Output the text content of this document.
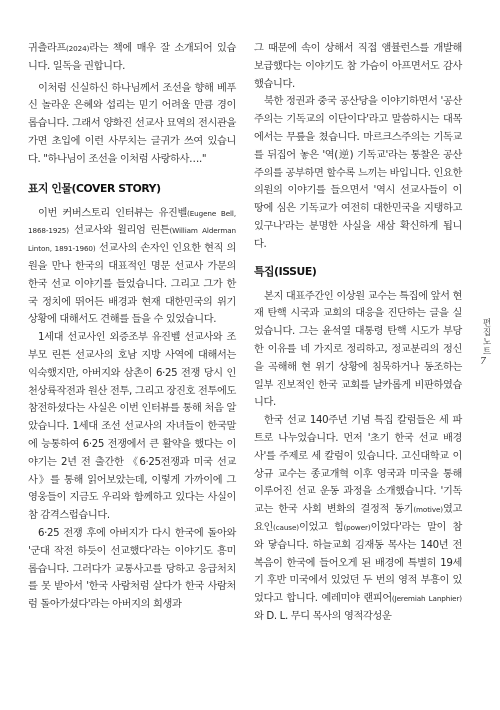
귀츨라프(2024)라는 책에 매우 잘 소개되어 있습니다. 일독을 권합니다.

이처럼 신실하신 하나님께서 조선을 향해 베푸신 놀라운 은혜와 섭리는 믿기 어려울 만큼 경이롭습니다. 그래서 양화진 선교사 묘역의 전시관을 가면 초입에 이런 사무치는 글귀가 쓰여 있습니다. "하나님이 조선을 이처럼 사랑하사…."

표지 인물(COVER STORY)

이번 커버스토리 인터뷰는 유진벨(Eugene Bell, 1868-1925) 선교사와 윌리엄 린튼(William Alderman Linton, 1891-1960) 선교사의 손자인 인요한 현직 의원을 만나 한국의 대표적인 명문 선교사 가문의 한국 선교 이야기를 들었습니다. 그리고 그가 한국 정치에 뛰어든 배경과 현재 대한민국의 위기 상황에 대해서도 견해를 들을 수 있었습니다.

1세대 선교사인 외증조부 유진벨 선교사와 조부모 린튼 선교사의 호남 지방 사역에 대해서는 익숙했지만, 아버지와 삼촌이 6·25 전쟁 당시 인천상륙작전과 원산 전투, 그리고 장진호 전투에도 참전하셨다는 사실은 이번 인터뷰를 통해 처음 알았습니다. 1세대 조선 선교사의 자녀들이 한국말에 능통하여 6·25 전쟁에서 큰 활약을 했다는 이야기는 2년 전 출간한 《6·25전쟁과 미국 선교사》를 통해 읽어보았는데, 이렇게 가까이에 그 영웅들이 지금도 우리와 함께하고 있다는 사실이 참 감격스럽습니다.

6·25 전쟁 후에 아버지가 다시 한국에 돌아와 '군대 작전 하듯이 선교했다'라는 이야기도 흥미롭습니다. 그러다가 교통사고를 당하고 응급처치를 못 받아서 '한국 사람처럼 살다가 한국 사람처럼 돌아가셨다'라는 아버지의 희생과

그 때문에 속이 상해서 직접 앰뷸런스를 개발해 보급했다는 이야기도 참 가슴이 아프면서도 감사했습니다.

북한 정권과 중국 공산당을 이야기하면서 '공산주의는 기독교의 이단이다'라고 말씀하시는 대목에서는 무릎을 쳤습니다. 마르크스주의는 기독교를 뒤집어 놓은 '역(逆) 기독교'라는 통찰은 공산주의를 공부하면 할수록 느끼는 바입니다. 인요한 의원의 이야기를 들으면서 '역시 선교사들이 이 땅에 심은 기독교가 여전히 대한민국을 지탱하고 있구나'라는 분명한 사실을 새삼 확신하게 됩니다.

특집(ISSUE)

본지 대표주간인 이상원 교수는 특집에 앞서 현재 탄핵 시국과 교회의 대응을 진단하는 글을 실었습니다. 그는 윤석열 대통령 탄핵 시도가 부당한 이유를 네 가지로 정리하고, 정교분리의 정신을 곡해해 현 위기 상황에 침묵하거나 동조하는 일부 진보적인 한국 교회를 날카롭게 비판하였습니다.

한국 선교 140주년 기념 특집 칼럼들은 세 파트로 나누었습니다. 먼저 '초기 한국 선교 배경사'를 주제로 세 칼럼이 있습니다. 고신대학교 이상규 교수는 종교개혁 이후 영국과 미국을 통해 이루어진 선교 운동 과정을 소개했습니다. '기독교는 한국 사회 변화의 결정적 동기(motive)였고 요인(cause)이었고 힘(power)이었다'라는 말이 참 와 닿습니다. 하늘교회 김재동 목사는 140년 전 복음이 한국에 들어오게 된 배경에 특별히 19세기 후반 미국에서 있었던 두 번의 영적 부흥이 있었다고 합니다. 예레미야 랜피어(Jeremiah Lanphier)와 D. L. 무디 목사의 영적각성운

편집노트
7
